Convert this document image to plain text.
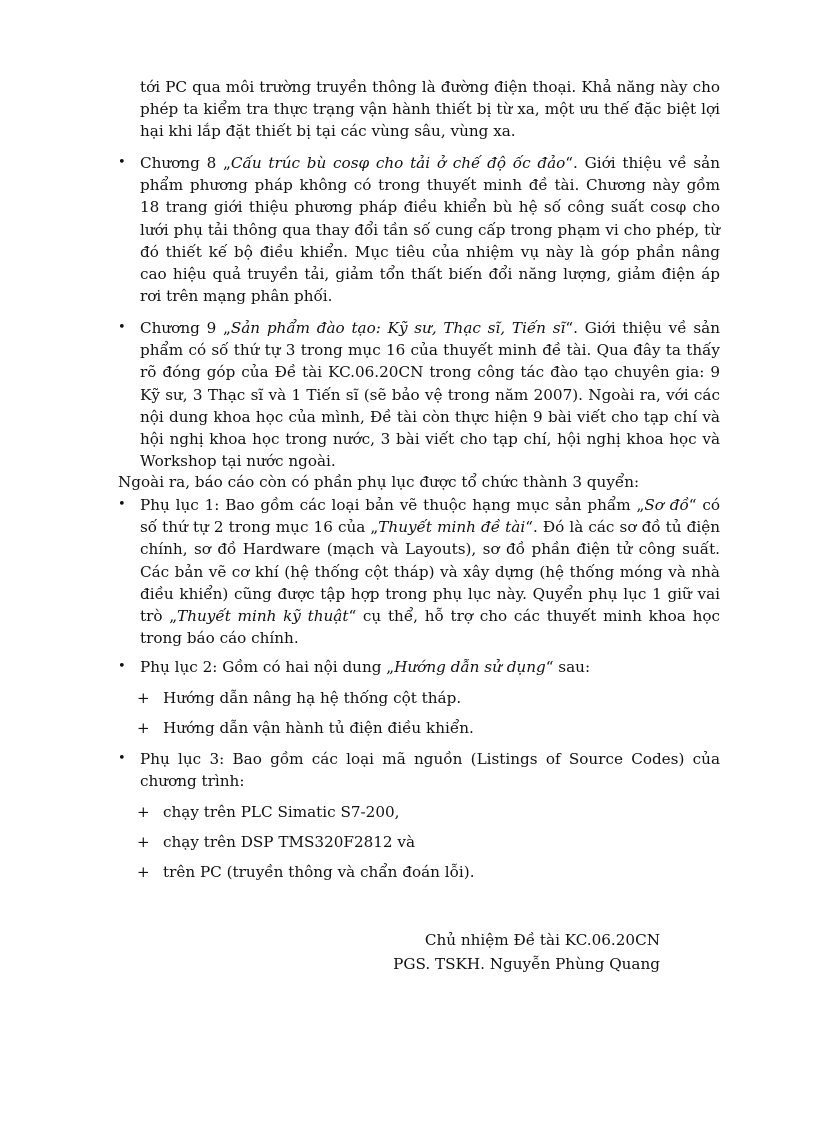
tới PC qua môi trường truyền thông là đường điện thoại. Khả năng này cho phép ta kiểm tra thực trạng vận hành thiết bị từ xa, một ưu thế đặc biệt lợi hại khi lắp đặt thiết bị tại các vùng sâu, vùng xa.
• Chương 8 „Cấu trúc bù cosφ cho tải ở chế độ ốc đảo“. Giới thiệu về sản phẩm phương pháp không có trong thuyết minh đề tài. Chương này gồm 18 trang giới thiệu phương pháp điều khiển bù hệ số công suất cosφ cho lưới phụ tải thông qua thay đổi tần số cung cấp trong phạm vi cho phép, từ đó thiết kế bộ điều khiển. Mục tiêu của nhiệm vụ này là góp phần nâng cao hiệu quả truyền tải, giảm tổn thất biến đổi năng lượng, giảm điện áp rơi trên mạng phân phối.
• Chương 9 „Sản phẩm đào tạo: Kỹ sư, Thạc sĩ, Tiến sĩ“. Giới thiệu về sản phẩm có số thứ tự 3 trong mục 16 của thuyết minh đề tài. Qua đây ta thấy rõ đóng góp của Đề tài KC.06.20CN trong công tác đào tạo chuyên gia: 9 Kỹ sư, 3 Thạc sĩ và 1 Tiến sĩ (sẽ bảo vệ trong năm 2007). Ngoài ra, với các nội dung khoa học của mình, Đề tài còn thực hiện 9 bài viết cho tạp chí và hội nghị khoa học trong nước, 3 bài viết cho tạp chí, hội nghị khoa học và Workshop tại nước ngoài.
Ngoài ra, báo cáo còn có phần phụ lục được tổ chức thành 3 quyển:
• Phụ lục 1: Bao gồm các loại bản vẽ thuộc hạng mục sản phẩm „Sơ đồ“ có số thứ tự 2 trong mục 16 của „Thuyết minh đề tài“. Đó là các sơ đồ tủ điện chính, sơ đồ Hardware (mạch và Layouts), sơ đồ phần điện tử công suất. Các bản vẽ cơ khí (hệ thống cột tháp) và xây dựng (hệ thống móng và nhà điều khiển) cũng được tập hợp trong phụ lục này. Quyển phụ lục 1 giữ vai trò „Thuyết minh kỹ thuật“ cụ thể, hỗ trợ cho các thuyết minh khoa học trong báo cáo chính.
• Phụ lục 2: Gồm có hai nội dung „Hướng dẫn sử dụng“ sau:
+ Hướng dẫn nâng hạ hệ thống cột tháp.
+ Hướng dẫn vận hành tủ điện điều khiển.
• Phụ lục 3: Bao gồm các loại mã nguồn (Listings of Source Codes) của chương trình:
+ chạy trên PLC Simatic S7-200,
+ chạy trên DSP TMS320F2812 và
+ trên PC (truyền thông và chẩn đoán lỗi).
Chủ nhiệm Đề tài KC.06.20CN
PGS. TSKH. Nguyễn Phùng Quang
